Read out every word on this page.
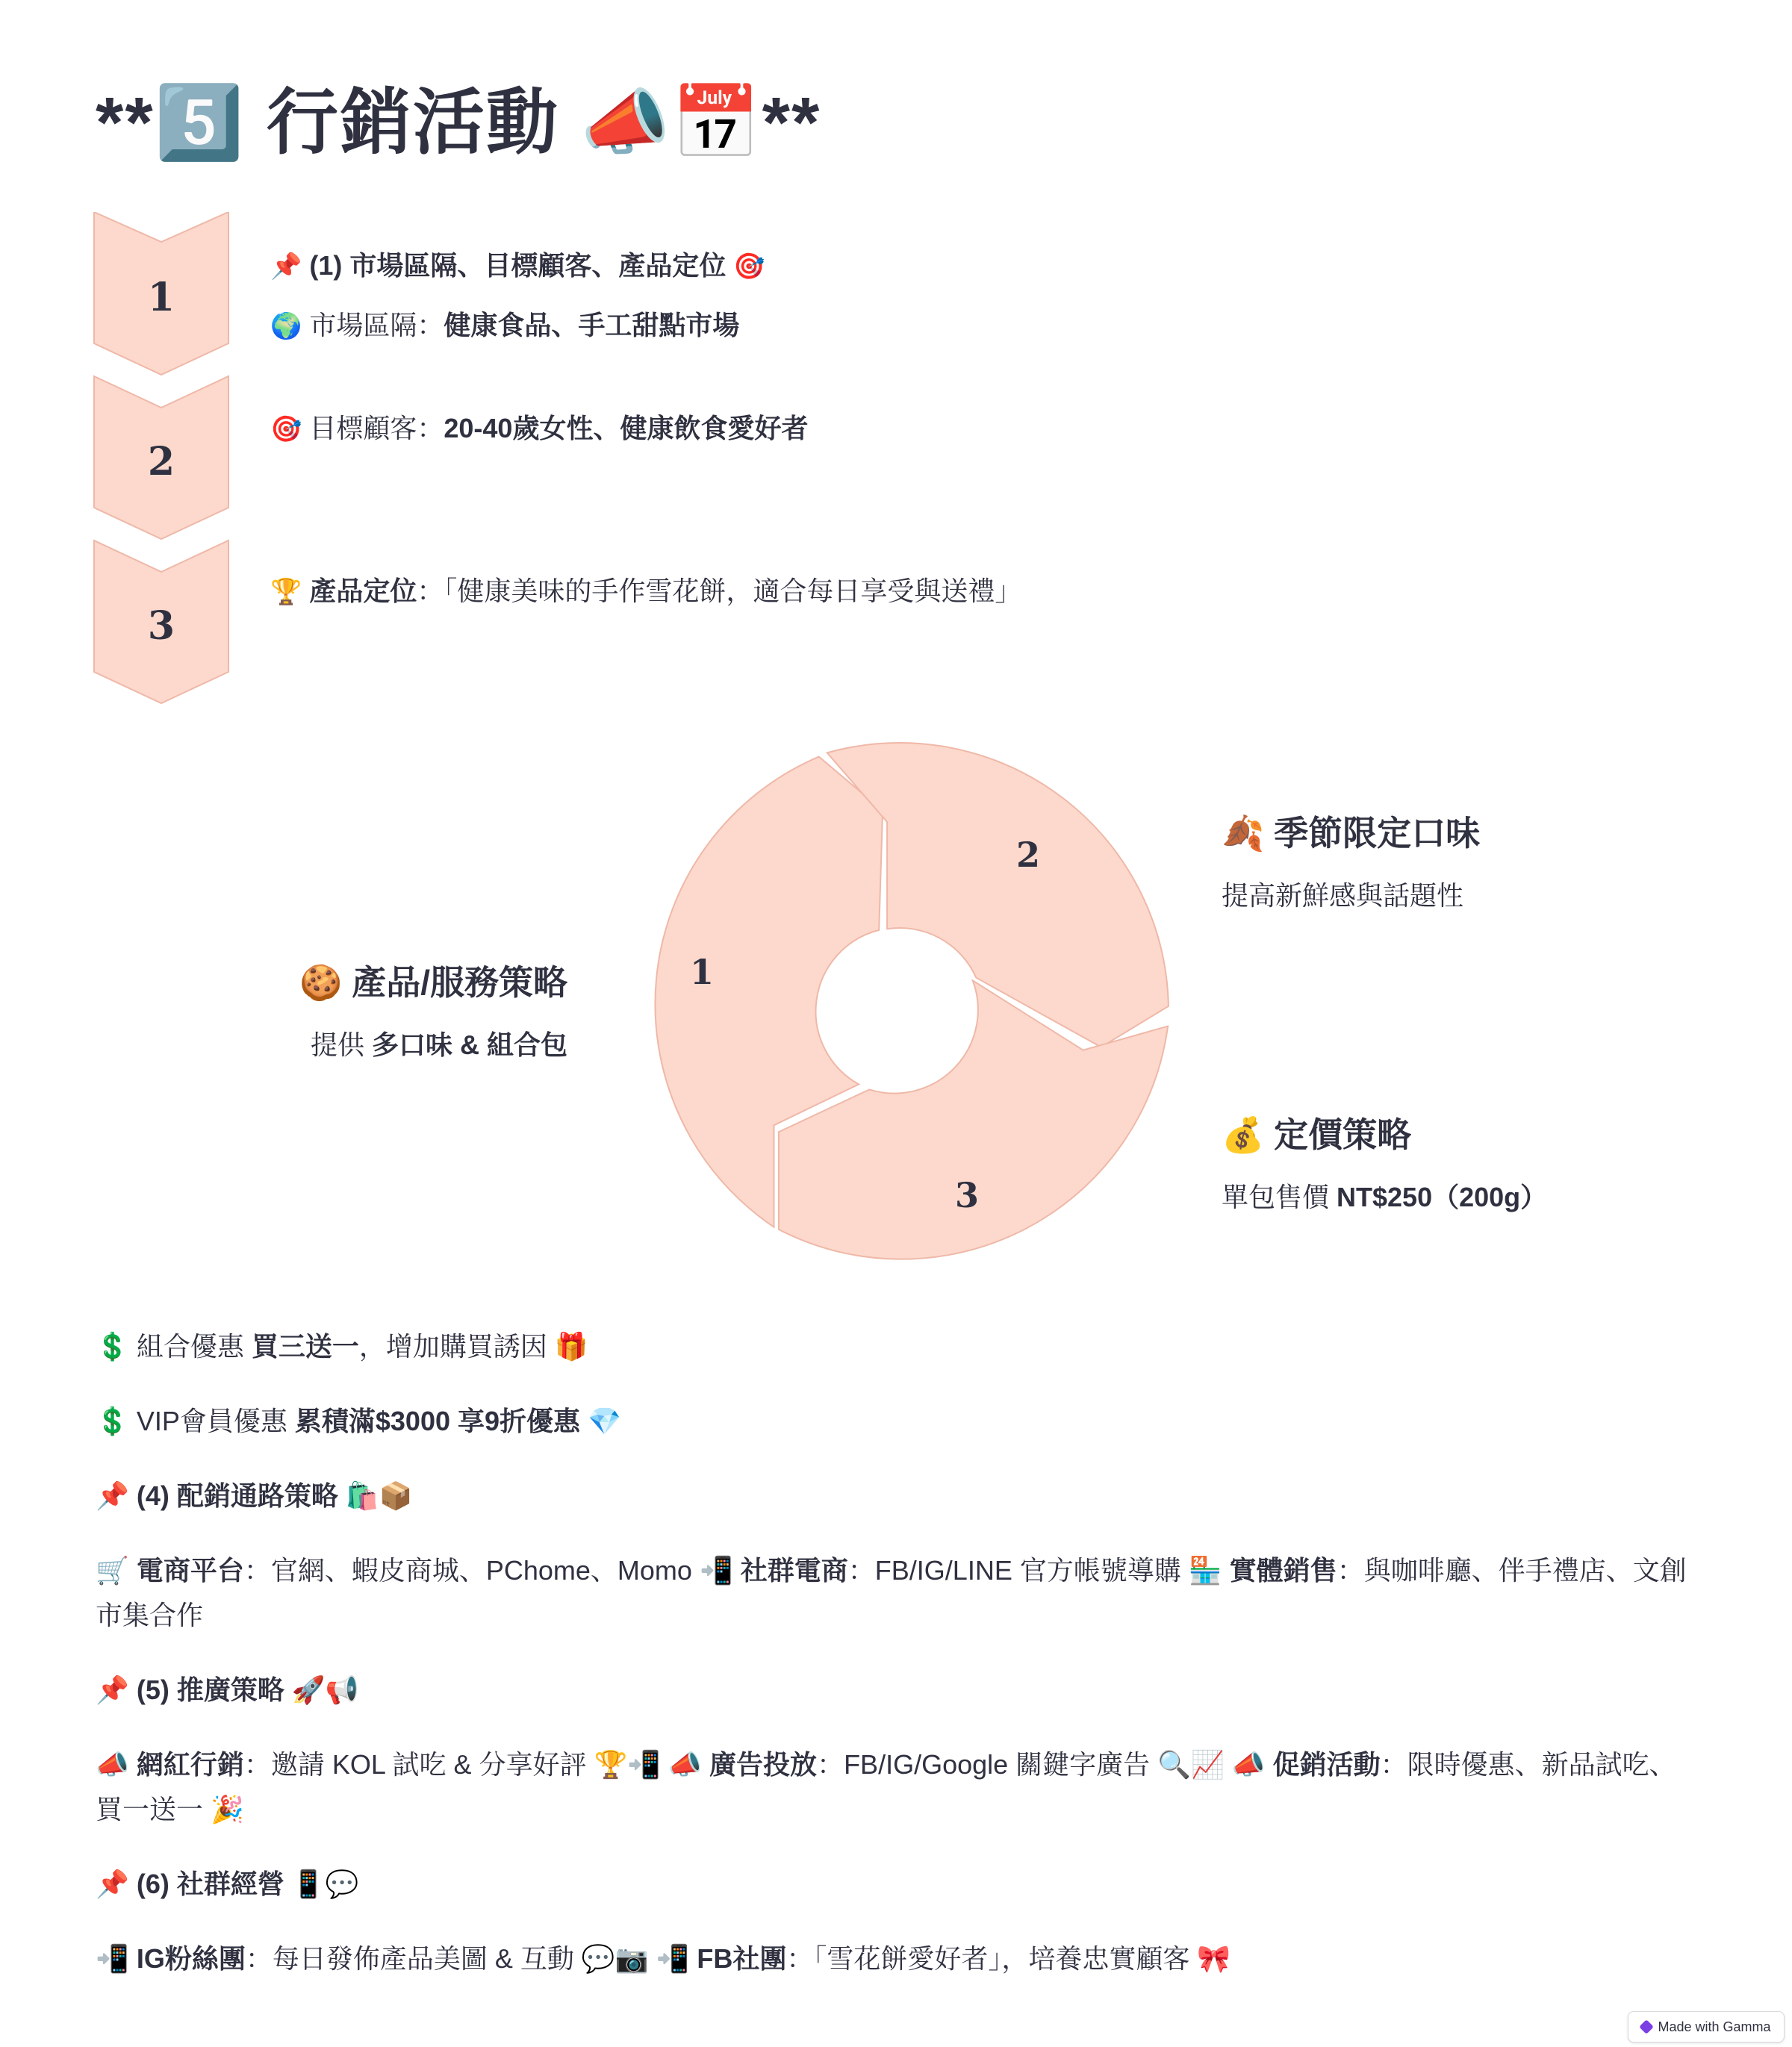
**5️⃣ 行銷活動 📣📅**
1
2
3
📌 (1) 市場區隔、目標顧客、產品定位 🎯
🌍 市場區隔：健康食品、手工甜點市場
🎯 目標顧客：20-40歲女性、健康飲食愛好者
🏆 產品定位：「健康美味的手作雪花餅，適合每日享受與送禮」
1
2
3
🍪 產品/服務策略
提供 多口味 & 組合包
🍂 季節限定口味
提高新鮮感與話題性
💰 定價策略
單包售價 NT$250（200g）
💲 組合優惠 買三送一，增加購買誘因 🎁
💲 VIP會員優惠 累積滿$3000 享9折優惠 💎
📌 (4) 配銷通路策略 🛍️📦
🛒 電商平台：官網、蝦皮商城、PChome、Momo 📲 社群電商：FB/IG/LINE 官方帳號導購 🏪 實體銷售：與咖啡廳、伴手禮店、文創市集合作
📌 (5) 推廣策略 🚀📢
📣 網紅行銷：邀請 KOL 試吃 & 分享好評 🏆📲 📣 廣告投放：FB/IG/Google 關鍵字廣告 🔍📈 📣 促銷活動：限時優惠、新品試吃、買一送一 🎉
📌 (6) 社群經營 📱💬
📲 IG粉絲團：每日發佈產品美圖 & 互動 💬📷 📲 FB社團：「雪花餅愛好者」，培養忠實顧客 🎀
Made with Gamma
